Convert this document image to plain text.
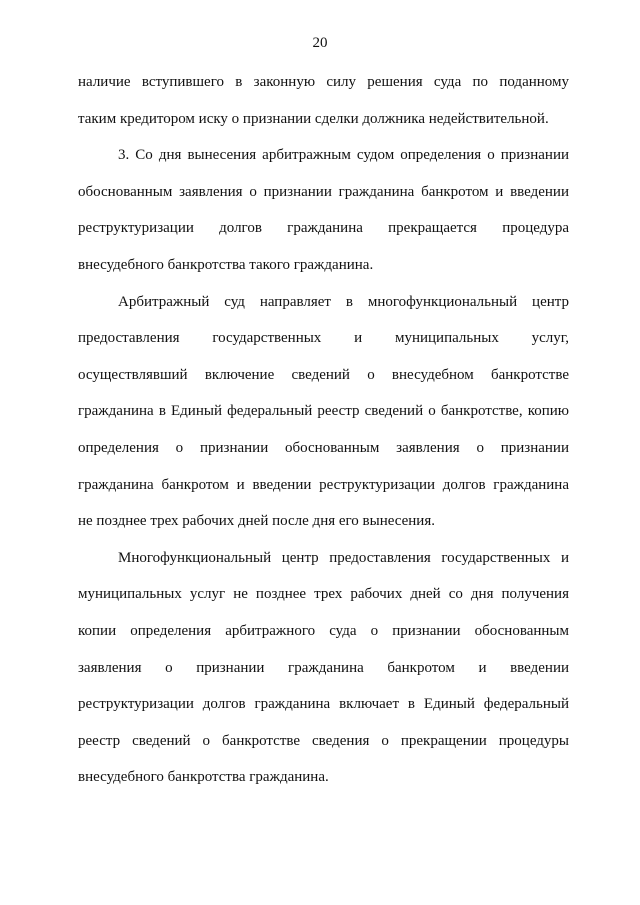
20
наличие вступившего в законную силу решения суда по поданному
таким кредитором иску о признании сделки должника недействительной.
3. Со дня вынесения арбитражным судом определения о признании
обоснованным заявления о признании гражданина банкротом и введении
реструктуризации долгов гражданина прекращается процедура
внесудебного банкротства такого гражданина.
Арбитражный суд направляет в многофункциональный центр
предоставления государственных и муниципальных услуг,
осуществлявший включение сведений о внесудебном банкротстве
гражданина в Единый федеральный реестр сведений о банкротстве, копию
определения о признании обоснованным заявления о признании
гражданина банкротом и введении реструктуризации долгов гражданина
не позднее трех рабочих дней после дня его вынесения.
Многофункциональный центр предоставления государственных и
муниципальных услуг не позднее трех рабочих дней со дня получения
копии определения арбитражного суда о признании обоснованным
заявления о признании гражданина банкротом и введении
реструктуризации долгов гражданина включает в Единый федеральный
реестр сведений о банкротстве сведения о прекращении процедуры
внесудебного банкротства гражданина.
